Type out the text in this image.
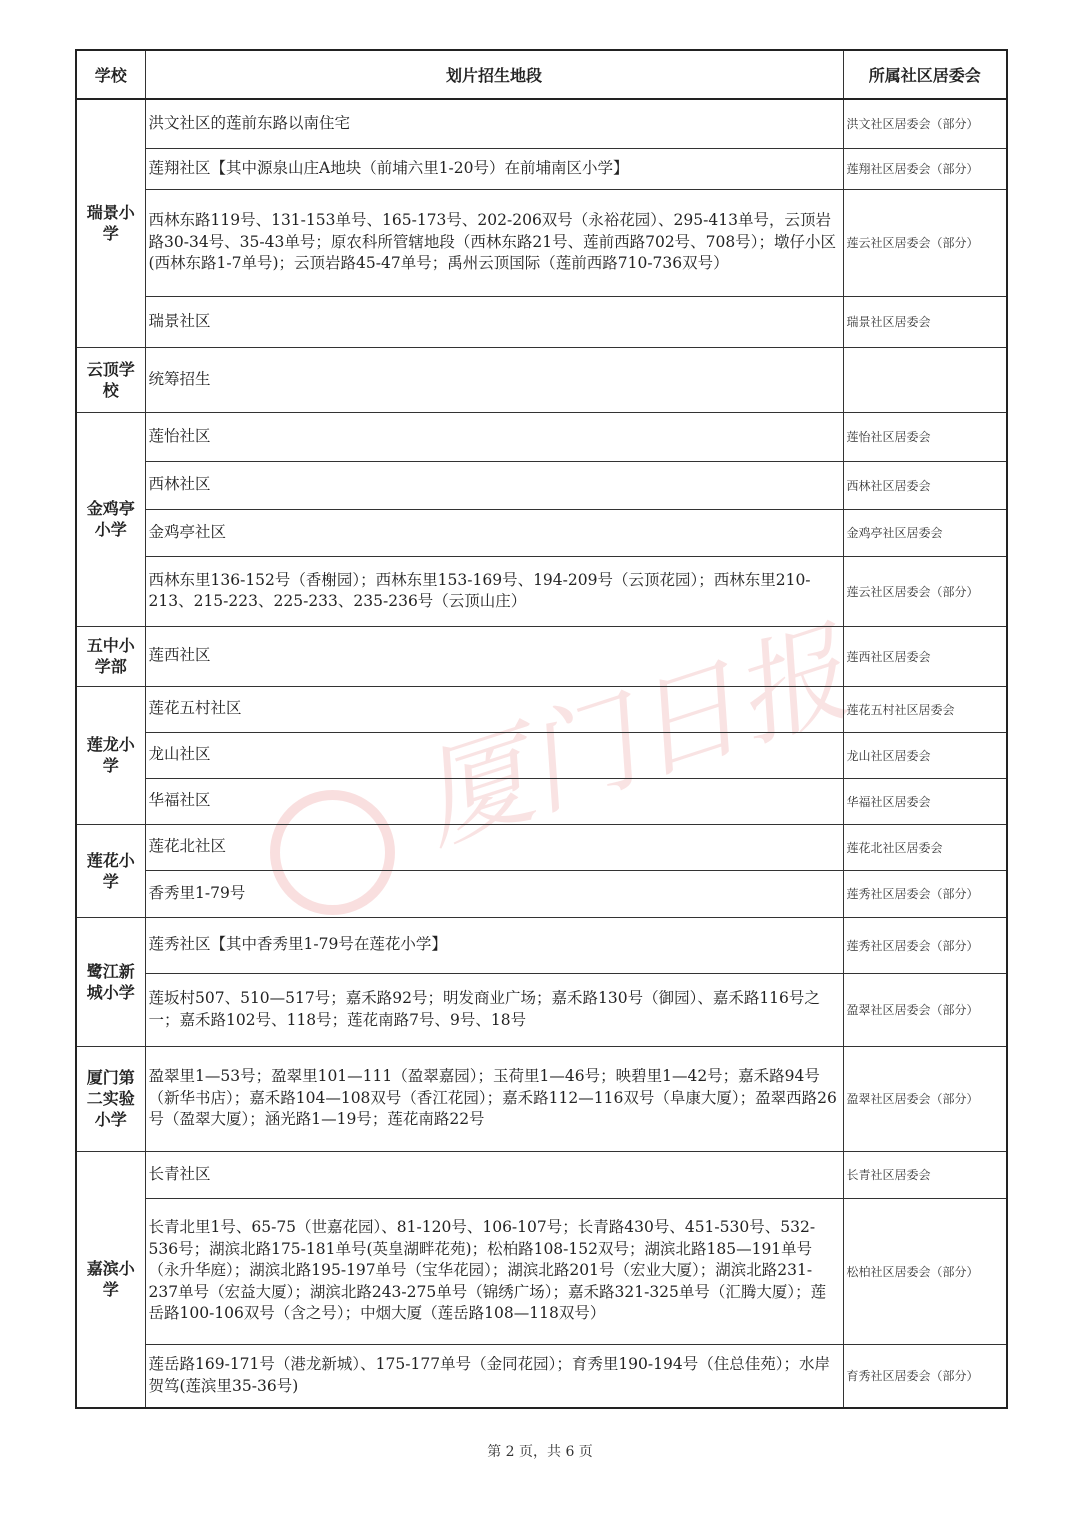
厦门日报
学校	划片招生地段	所属社区居委会
瑞景小学	洪文社区的莲前东路以南住宅	洪文社区居委会（部分）
	莲翔社区【其中源泉山庄A地块（前埔六里1-20号）在前埔南区小学】	莲翔社区居委会（部分）
	西林东路119号、131-153单号、165-173号、202-206双号（永裕花园）、295-413单号，云顶岩路30-34号、35-43单号；原农科所管辖地段（西林东路21号、莲前西路702号、708号）；墩仔小区(西林东路1-7单号)；云顶岩路45-47单号；禹州云顶国际（莲前西路710-736双号）	莲云社区居委会（部分）
	瑞景社区	瑞景社区居委会
云顶学校	统筹招生	
金鸡亭小学	莲怡社区	莲怡社区居委会
	西林社区	西林社区居委会
	金鸡亭社区	金鸡亭社区居委会
	西林东里136-152号（香榭园）；西林东里153-169号、194-209号（云顶花园）；西林东里210-213、215-223、225-233、235-236号（云顶山庄）	莲云社区居委会（部分）
五中小学部	莲西社区	莲西社区居委会
莲龙小学	莲花五村社区	莲花五村社区居委会
	龙山社区	龙山社区居委会
	华福社区	华福社区居委会
莲花小学	莲花北社区	莲花北社区居委会
	香秀里1-79号	莲秀社区居委会（部分）
鹭江新城小学	莲秀社区【其中香秀里1-79号在莲花小学】	莲秀社区居委会（部分）
	莲坂村507、510—517号；嘉禾路92号；明发商业广场；嘉禾路130号（御园）、嘉禾路116号之一；嘉禾路102号、118号；莲花南路7号、9号、18号	盈翠社区居委会（部分）
厦门第二实验小学	盈翠里1—53号；盈翠里101—111（盈翠嘉园）；玉荷里1—46号；映碧里1—42号；嘉禾路94号（新华书店）；嘉禾路104—108双号（香江花园）；嘉禾路112—116双号（阜康大厦）；盈翠西路26号（盈翠大厦）；涵光路1—19号；莲花南路22号	盈翠社区居委会（部分）
嘉滨小学	长青社区	长青社区居委会
	长青北里1号、65-75（世嘉花园）、81-120号、106-107号；长青路430号、451-530号、532-536号；湖滨北路175-181单号(英皇湖畔花苑)；松柏路108-152双号；湖滨北路185—191单号（永升华庭）；湖滨北路195-197单号（宝华花园）；湖滨北路201号（宏业大厦）；湖滨北路231-237单号（宏益大厦）；湖滨北路243-275单号（锦绣广场）；嘉禾路321-325单号（汇腾大厦）；莲岳路100-106双号（含之号）；中烟大厦（莲岳路108—118双号）	松柏社区居委会（部分）
	莲岳路169-171号（港龙新城）、175-177单号（金同花园）；育秀里190-194号（住总佳苑）；水岸贺笃(莲滨里35-36号)	育秀社区居委会（部分）
第 2 页，共 6 页
